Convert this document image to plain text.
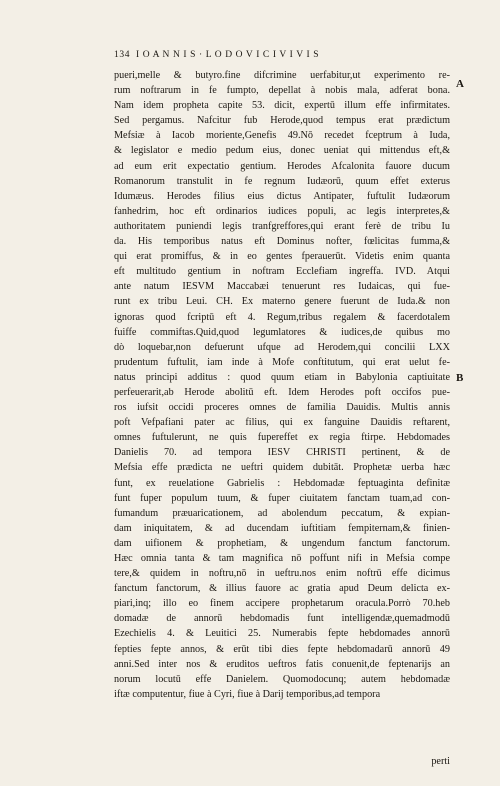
134 I O A N N I S · L O D O V I C I V I V I S
A
B
pueri,melle & butyro.fine difcrimine uerfabitur,ut experimento re-
rum noftrarum in fe fumpto, depellat à nobis mala, adferat bona.
Nam idem propheta capite 53. dicit, expertū illum effe infirmitates.
Sed pergamus. Nafcitur fub Herode,quod tempus erat prædictum
Mefsiæ à Iacob moriente,Genefis 49.Nō recedet fceptrum à Iuda,
& legislator e medio pedum eius, donec ueniat qui mittendus eft,&
ad eum erit expectatio gentium. Herodes Afcalonita fauore ducum
Romanorum transtulit in fe regnum Iudæorū, quum effet exterus
Idumæus. Herodes filius eius dictus Antipater, fuftulit Iudæorum
fanhedrim, hoc eft ordinarios iudices populi, ac legis interpretes,&
authoritatem puniendi legis tranfgreffores,qui erant ferè de tribu Iu
da. His temporibus natus eft Dominus nofter, fœlicitas fumma,&
qui erat promiffus, & in eo gentes fperauerūt. Videtis enim quanta
eft multitudo gentium in noftram Ecclefiam ingreffa. IVD. Atqui
ante natum IESVM Maccabæi tenuerunt res Iudaicas, qui fue-
runt ex tribu Leui. CH. Ex materno genere fuerunt de Iuda.& non
ignoras quod fcriptū eft 4. Regum,tribus regalem & facerdotalem
fuiffe commiftas.Quid,quod legumlatores & iudices,de quibus mo
dò loquebar,non defuerunt ufque ad Herodem,qui concilii LXX
prudentum fuftulit, iam inde à Mofe conftitutum, qui erat uelut fe-
natus principi additus : quod quum etiam in Babylonia captiuitate
perfeuerarit,ab Herode abolitū eft. Idem Herodes poft occifos pue-
ros iufsit occidi proceres omnes de familia Dauidis. Multis annis
poft Vefpafiani pater ac filius, qui ex fanguine Dauidis reftarent,
omnes fuftulerunt, ne quis fupereffet ex regia ftirpe. Hebdomades
Danielis 70. ad tempora IESV CHRISTI pertinent, & de
Mefsia effe prædicta ne ueftri quidem dubitāt. Prophetæ uerba hæc
funt, ex reuelatione Gabrielis : Hebdomadæ feptuaginta definitæ
funt fuper populum tuum, & fuper ciuitatem fanctam tuam,ad con-
fumandum præuaricationem, ad abolendum peccatum, & expian-
dam iniquitatem, & ad ducendam iuftitiam fempiternam,& finien-
dam uifionem & prophetiam, & ungendum fanctum fanctorum.
Hæc omnia tanta & tam magnifica nō poffunt nifi in Mefsia compe
tere,& quidem in noftru,nō in ueftru.nos enim noftrū effe dicimus
fanctum fanctorum, & illius fauore ac gratia apud Deum delicta ex-
piari,inq; illo eo finem accipere prophetarum oracula.Porrò 70.heb
domadæ de annorū hebdomadis funt intelligendæ,quemadmodū
Ezechielis 4. & Leuitici 25. Numerabis fepte hebdomades annorū
fepties fepte annos, & erūt tibi dies fepte hebdomadarū annorū 49
anni.Sed inter nos & eruditos ueftros fatis conuenit,de feptenarijs an
norum locutū effe Danielem. Quomodocunq; autem hebdomadæ
iftæ computentur, fiue à Cyri, fiue à Darij temporibus,ad tempora
perti
